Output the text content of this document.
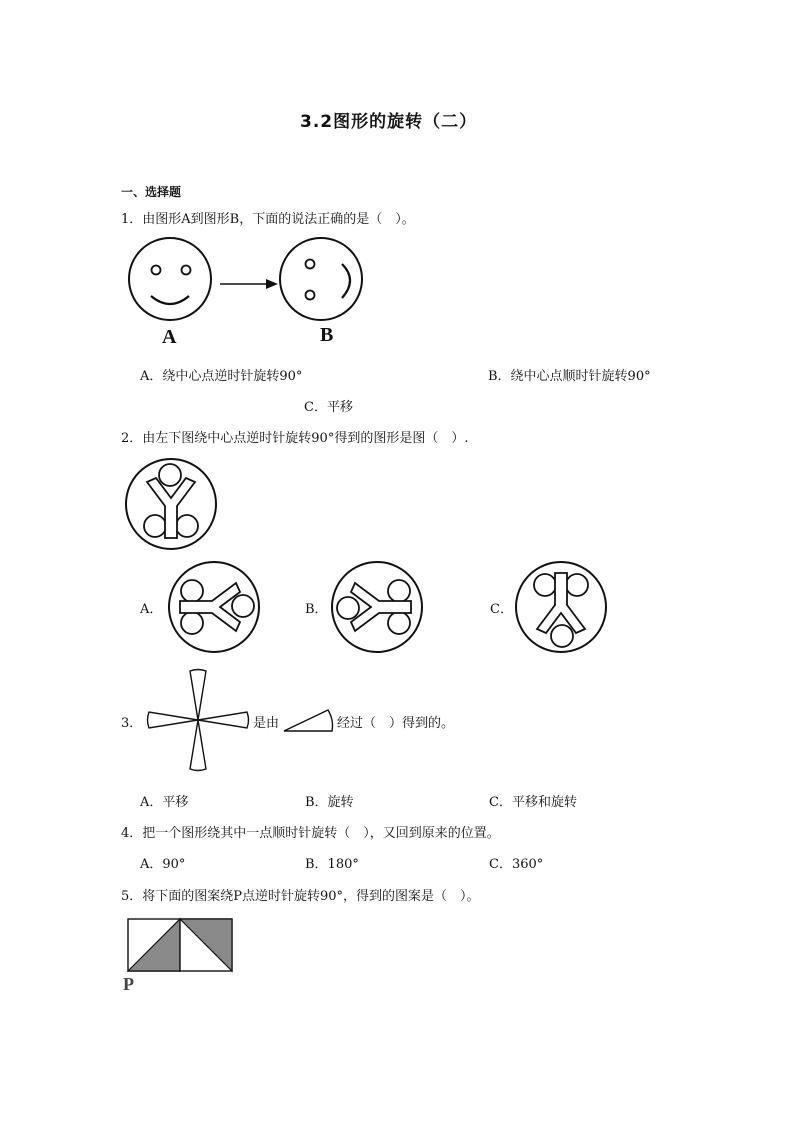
3.2图形的旋转（二）
一、选择题
1．由图形A到图形B，下面的说法正确的是（　）。
A	B
A．绕中心点逆时针旋转90°	B．绕中心点顺时针旋转90°
C．平移
2．由左下图绕中心点逆时针旋转90°得到的图形是图（　）.
A．	B．	C．
3．	是由	经过（　）得到的。
A．平移	B．旋转	C．平移和旋转
4．把一个图形绕其中一点顺时针旋转（　），又回到原来的位置。
A．90°	B．180°	C．360°
5．将下面的图案绕P点逆时针旋转90°，得到的图案是（　）。
P
